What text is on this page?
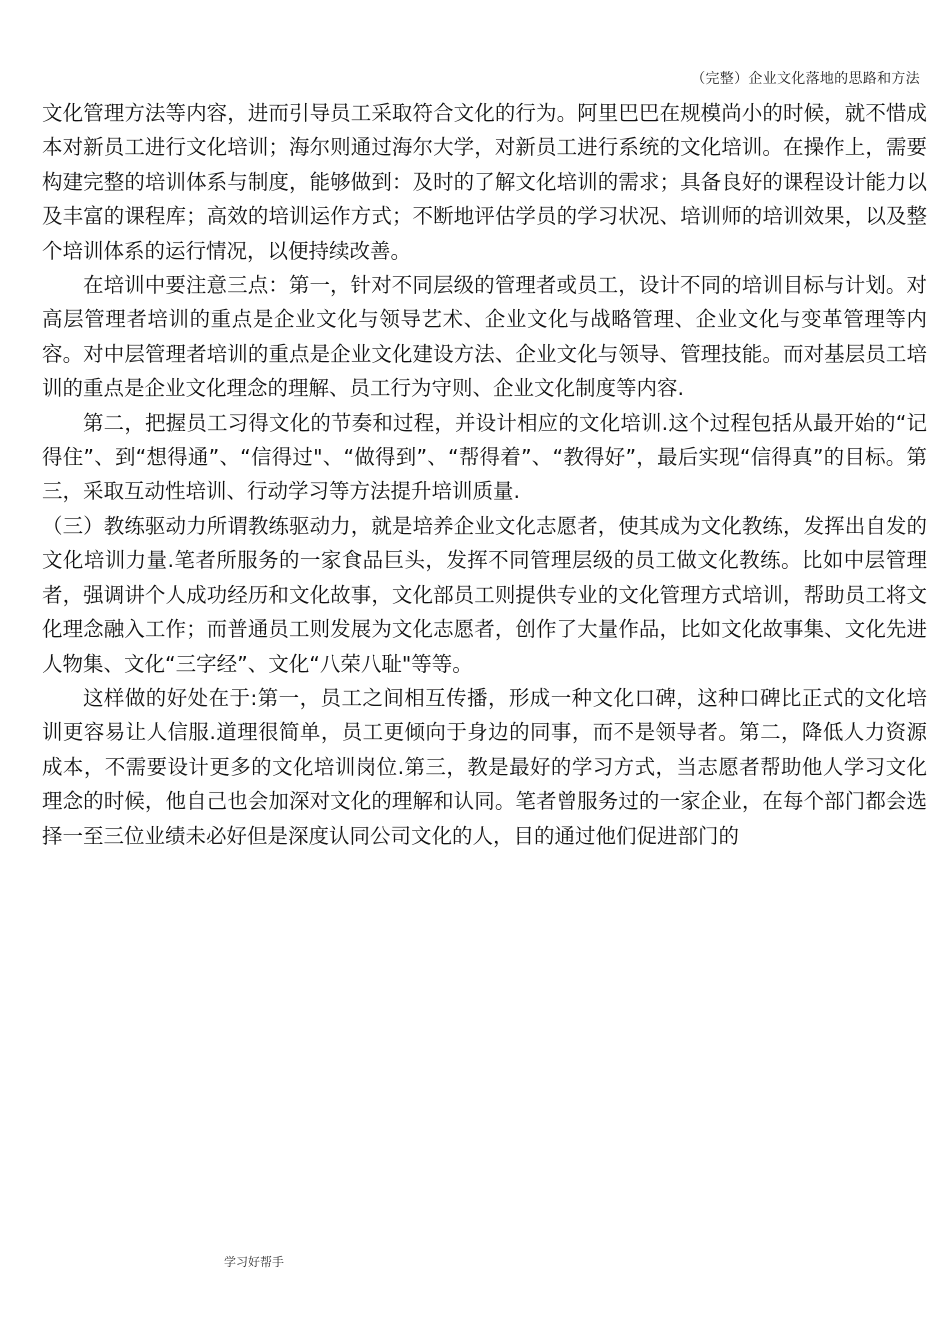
（完整）企业文化落地的思路和方法

文化管理方法等内容，进而引导员工采取符合文化的行为。阿里巴巴在规模尚小的时候，就不惜成本对新员工进行文化培训；海尔则通过海尔大学，对新员工进行系统的文化培训。在操作上，需要构建完整的培训体系与制度，能够做到：及时的了解文化培训的需求；具备良好的课程设计能力以及丰富的课程库；高效的培训运作方式；不断地评估学员的学习状况、培训师的培训效果，以及整个培训体系的运行情况，以便持续改善。

在培训中要注意三点：第一，针对不同层级的管理者或员工，设计不同的培训目标与计划。对高层管理者培训的重点是企业文化与领导艺术、企业文化与战略管理、企业文化与变革管理等内容。对中层管理者培训的重点是企业文化建设方法、企业文化与领导、管理技能。而对基层员工培训的重点是企业文化理念的理解、员工行为守则、企业文化制度等内容.

第二，把握员工习得文化的节奏和过程，并设计相应的文化培训.这个过程包括从最开始的“记得住”、到“想得通”、“信得过"、“做得到”、“帮得着”、“教得好”，最后实现“信得真”的目标。第三，采取互动性培训、行动学习等方法提升培训质量.

（三）教练驱动力所谓教练驱动力，就是培养企业文化志愿者，使其成为文化教练，发挥出自发的文化培训力量.笔者所服务的一家食品巨头，发挥不同管理层级的员工做文化教练。比如中层管理者，强调讲个人成功经历和文化故事，文化部员工则提供专业的文化管理方式培训，帮助员工将文化理念融入工作；而普通员工则发展为文化志愿者，创作了大量作品，比如文化故事集、文化先进人物集、文化“三字经”、文化“八荣八耻"等等。

这样做的好处在于:第一，员工之间相互传播，形成一种文化口碑，这种口碑比正式的文化培训更容易让人信服.道理很简单，员工更倾向于身边的同事，而不是领导者。第二，降低人力资源成本，不需要设计更多的文化培训岗位.第三，教是最好的学习方式，当志愿者帮助他人学习文化理念的时候，他自己也会加深对文化的理解和认同。笔者曾服务过的一家企业，在每个部门都会选择一至三位业绩未必好但是深度认同公司文化的人，目的通过他们促进部门的

学习好帮手
